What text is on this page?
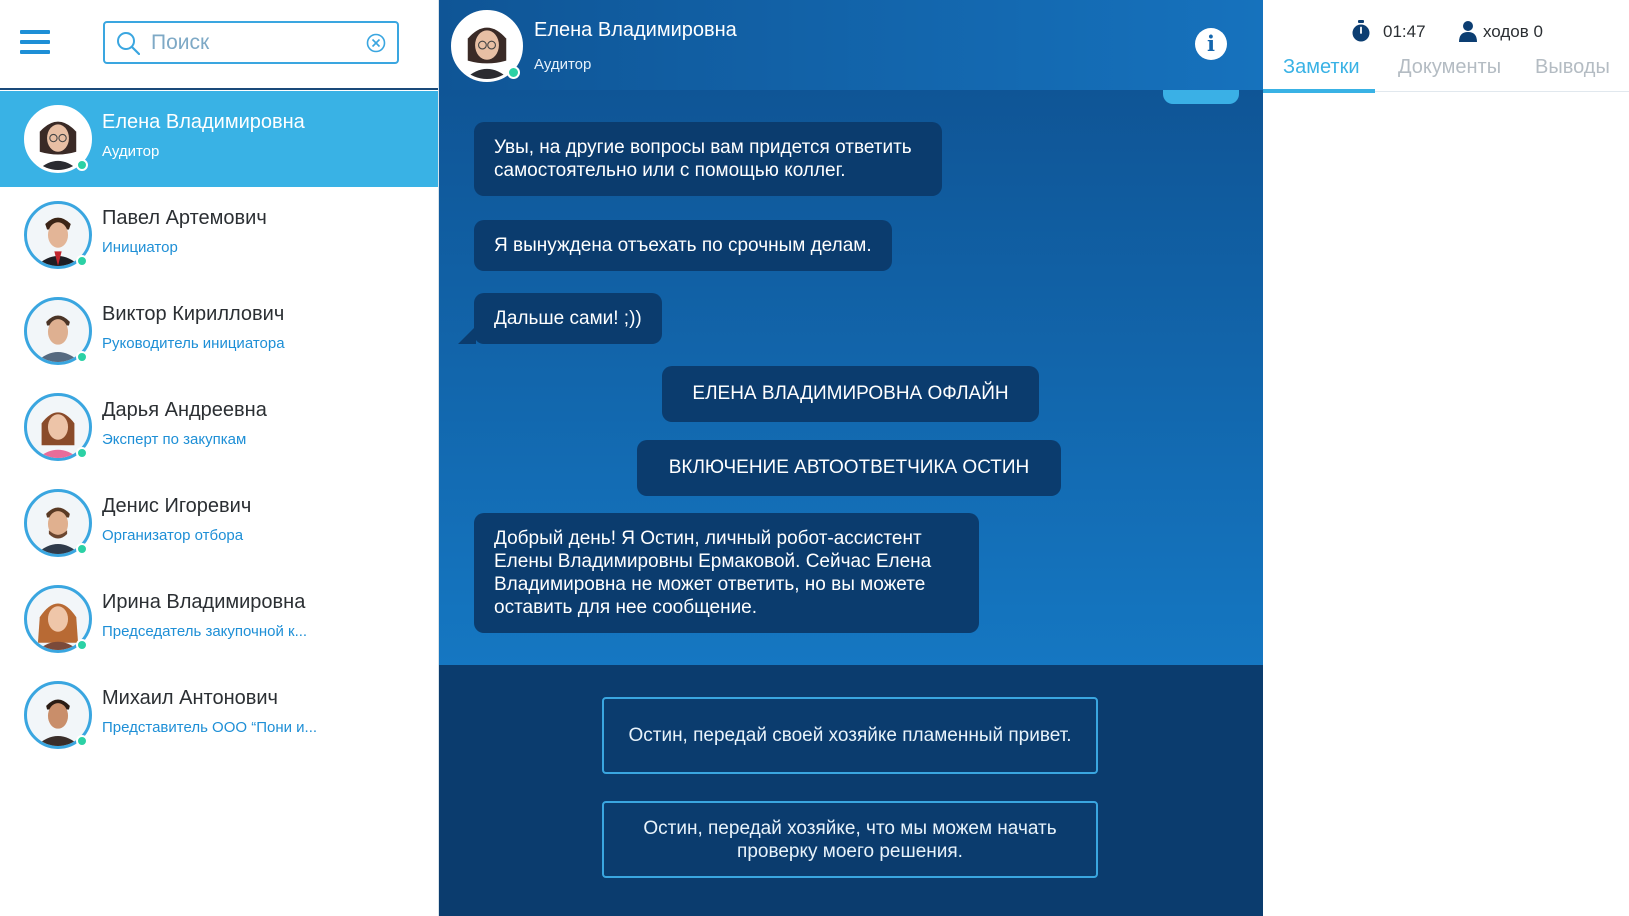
Поиск
Елена Владимировна
Аудитор
Павел Артемович
Инициатор
Виктор Кириллович
Руководитель инициатора
Дарья Андреевна
Эксперт по закупкам
Денис Игоревич
Организатор отбора
Ирина Владимировна
Председатель закупочной к...
Михаил Антонович
Представитель ООО “Пони и...
Елена Владимировна
Аудитор
i
Увы, на другие вопросы вам придется ответить самостоятельно или с помощью коллег.
Я вынуждена отъехать по срочным делам.
Дальше сами! ;))
ЕЛЕНА ВЛАДИМИРОВНА ОФЛАЙН
ВКЛЮЧЕНИЕ АВТООТВЕТЧИКА ОСТИН
Добрый день! Я Остин, личный робот-ассистент Елены Владимировны Ермаковой. Сейчас Елена Владимировна не может ответить, но вы можете оставить для нее сообщение.
Остин, передай своей хозяйке пламенный привет.
Остин, передай хозяйке, что мы можем начать проверку моего решения.
01:47	ходов 0
Заметки Документы Выводы
